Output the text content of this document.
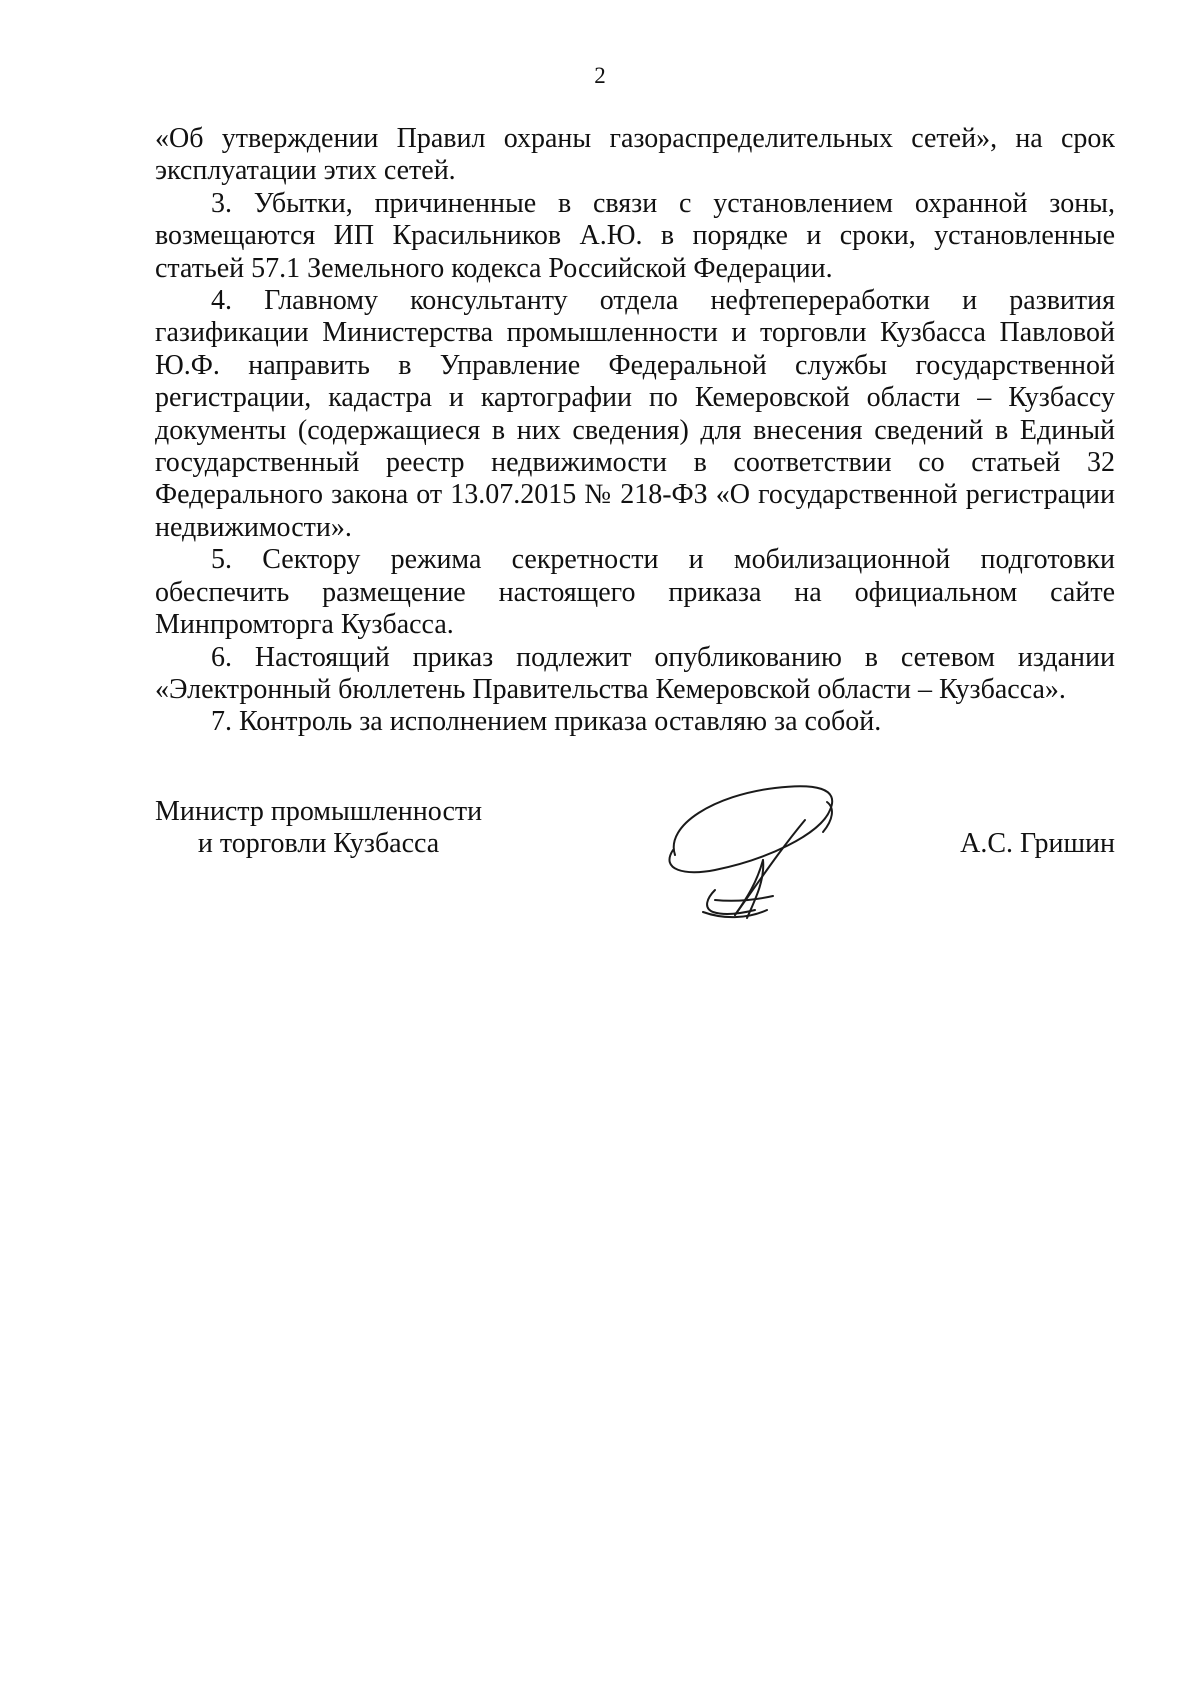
2

«Об утверждении Правил охраны газораспределительных сетей», на срок эксплуатации этих сетей.

3. Убытки, причиненные в связи с установлением охранной зоны, возмещаются ИП Красильников А.Ю. в порядке и сроки, установленные статьей 57.1 Земельного кодекса Российской Федерации.

4. Главному консультанту отдела нефтепереработки и развития газификации Министерства промышленности и торговли Кузбасса Павловой Ю.Ф. направить в Управление Федеральной службы государственной регистрации, кадастра и картографии по Кемеровской области – Кузбассу документы (содержащиеся в них сведения) для внесения сведений в Единый государственный реестр недвижимости в соответствии со статьей 32 Федерального закона от 13.07.2015 № 218-ФЗ «О государственной регистрации недвижимости».

5. Сектору режима секретности и мобилизационной подготовки обеспечить размещение настоящего приказа на официальном сайте Минпромторга Кузбасса.

6. Настоящий приказ подлежит опубликованию в сетевом издании «Электронный бюллетень Правительства Кемеровской области – Кузбасса».

7. Контроль за исполнением приказа оставляю за собой.

Министр промышленности
и торговли Кузбасса	А.С. Гришин
